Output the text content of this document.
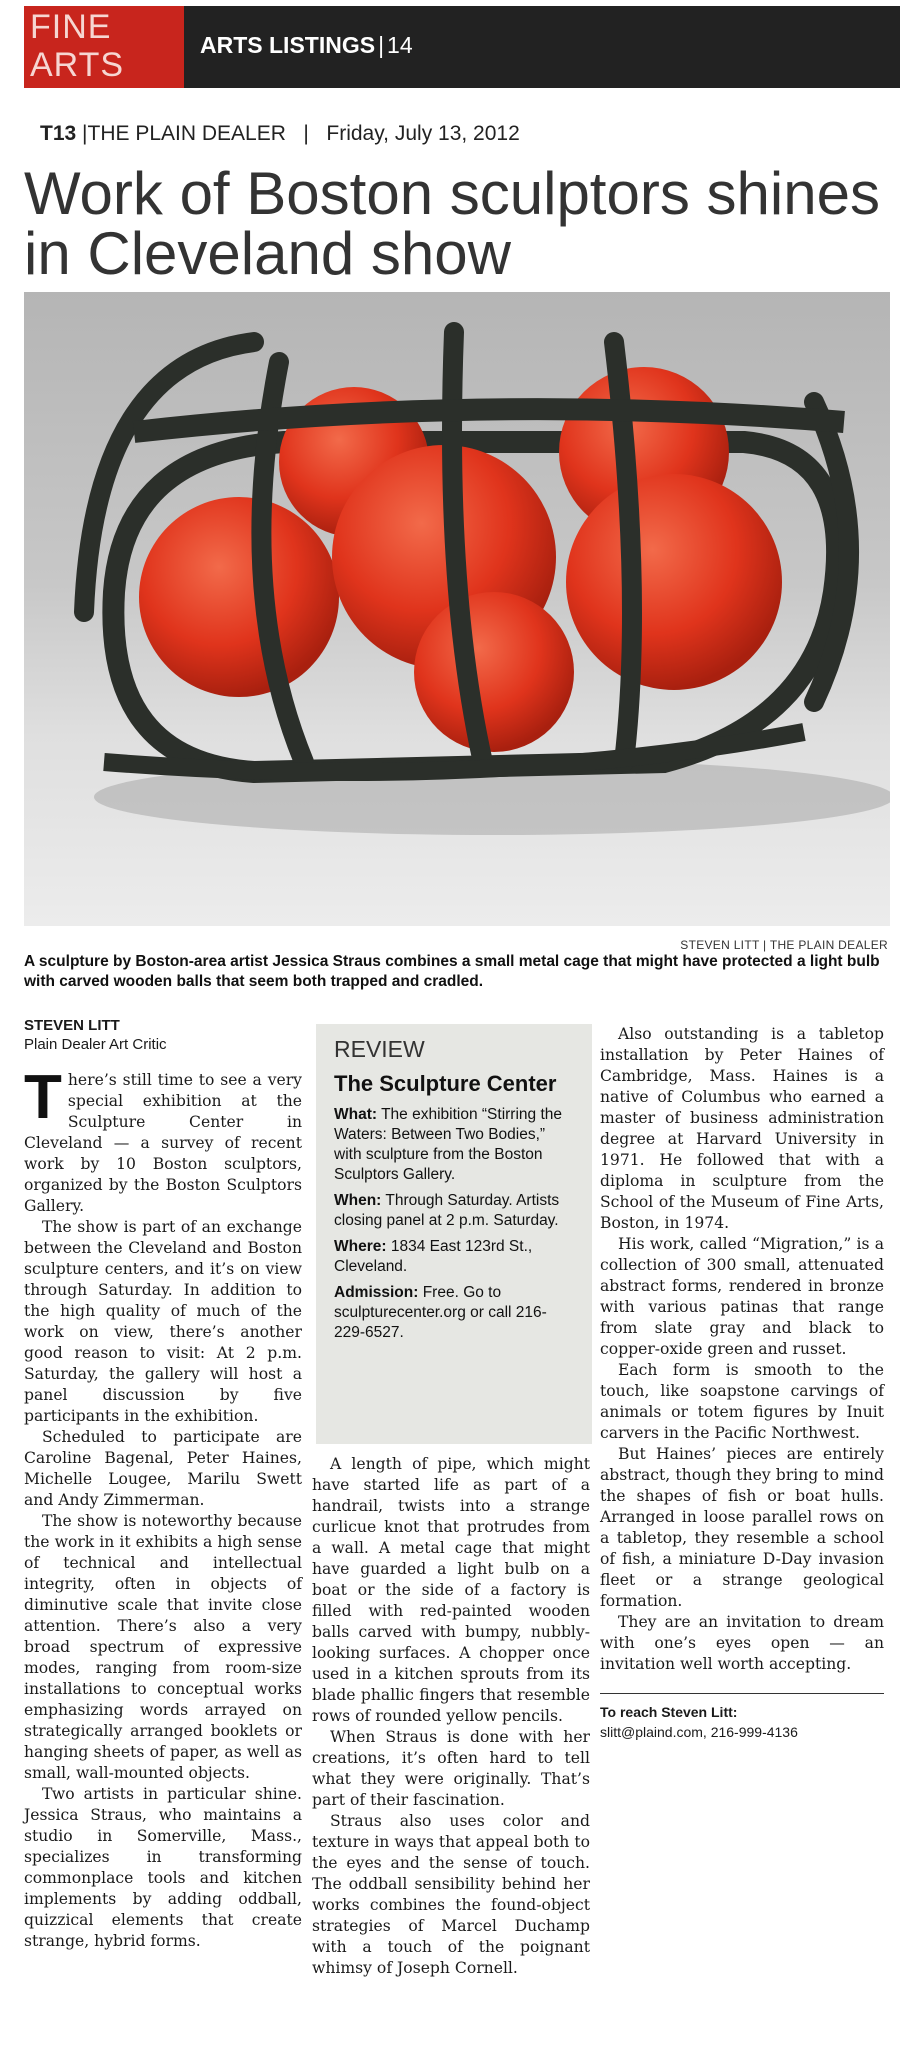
FINE
ARTS
ARTS LISTINGS | 14
T13 |THE PLAIN DEALER   |   Friday, July 13, 2012
Work of Boston sculptors shines in Cleveland show
STEVEN LITT | THE PLAIN DEALER
A sculpture by Boston-area artist Jessica Straus combines a small metal cage that might have protected a light bulb with carved wooden balls that seem both trapped and cradled.
STEVEN LITT
Plain Dealer Art Critic

There’s still time to see a very special exhibition at the Sculpture Center in Cleveland — a survey of recent work by 10 Boston sculptors, organized by the Boston Sculptors Gallery.

The show is part of an exchange between the Cleveland and Boston sculpture centers, and it’s on view through Saturday. In addition to the high quality of much of the work on view, there’s another good reason to visit: At 2 p.m. Saturday, the gallery will host a panel discussion by five participants in the exhibition.

Scheduled to participate are Caroline Bagenal, Peter Haines, Michelle Lougee, Marilu Swett and Andy Zimmerman.

The show is noteworthy because the work in it exhibits a high sense of technical and intellectual integrity, often in objects of diminutive scale that invite close attention. There’s also a very broad spectrum of expressive modes, ranging from room-size installations to conceptual works emphasizing words arrayed on strategically arranged booklets or hanging sheets of paper, as well as small, wall-mounted objects.

Two artists in particular shine. Jessica Straus, who maintains a studio in Somerville, Mass., specializes in transforming commonplace tools and kitchen implements by adding oddball, quizzical elements that create strange, hybrid forms.

REVIEW
The Sculpture Center
What: The exhibition “Stirring the Waters: Between Two Bodies,” with sculpture from the Boston Sculptors Gallery.
When: Through Saturday. Artists closing panel at 2 p.m. Saturday.
Where: 1834 East 123rd St., Cleveland.
Admission: Free. Go to sculpturecenter.org or call 216-229-6527.

A length of pipe, which might have started life as part of a handrail, twists into a strange curlicue knot that protrudes from a wall. A metal cage that might have guarded a light bulb on a boat or the side of a factory is filled with red-painted wooden balls carved with bumpy, nubbly-looking surfaces. A chopper once used in a kitchen sprouts from its blade phallic fingers that resemble rows of rounded yellow pencils.

When Straus is done with her creations, it’s often hard to tell what they were originally. That’s part of their fascination.

Straus also uses color and texture in ways that appeal both to the eyes and the sense of touch. The oddball sensibility behind her works combines the found-object strategies of Marcel Duchamp with a touch of the poignant whimsy of Joseph Cornell.

Also outstanding is a tabletop installation by Peter Haines of Cambridge, Mass. Haines is a native of Columbus who earned a master of business administration degree at Harvard University in 1971. He followed that with a diploma in sculpture from the School of the Museum of Fine Arts, Boston, in 1974.

His work, called “Migration,” is a collection of 300 small, attenuated abstract forms, rendered in bronze with various patinas that range from slate gray and black to copper-oxide green and russet.

Each form is smooth to the touch, like soapstone carvings of animals or totem figures by Inuit carvers in the Pacific Northwest.

But Haines’ pieces are entirely abstract, though they bring to mind the shapes of fish or boat hulls. Arranged in loose parallel rows on a tabletop, they resemble a school of fish, a miniature D-Day invasion fleet or a strange geological formation.

They are an invitation to dream with one’s eyes open — an invitation well worth accepting.

To reach Steven Litt:
slitt@plaind.com, 216-999-4136
